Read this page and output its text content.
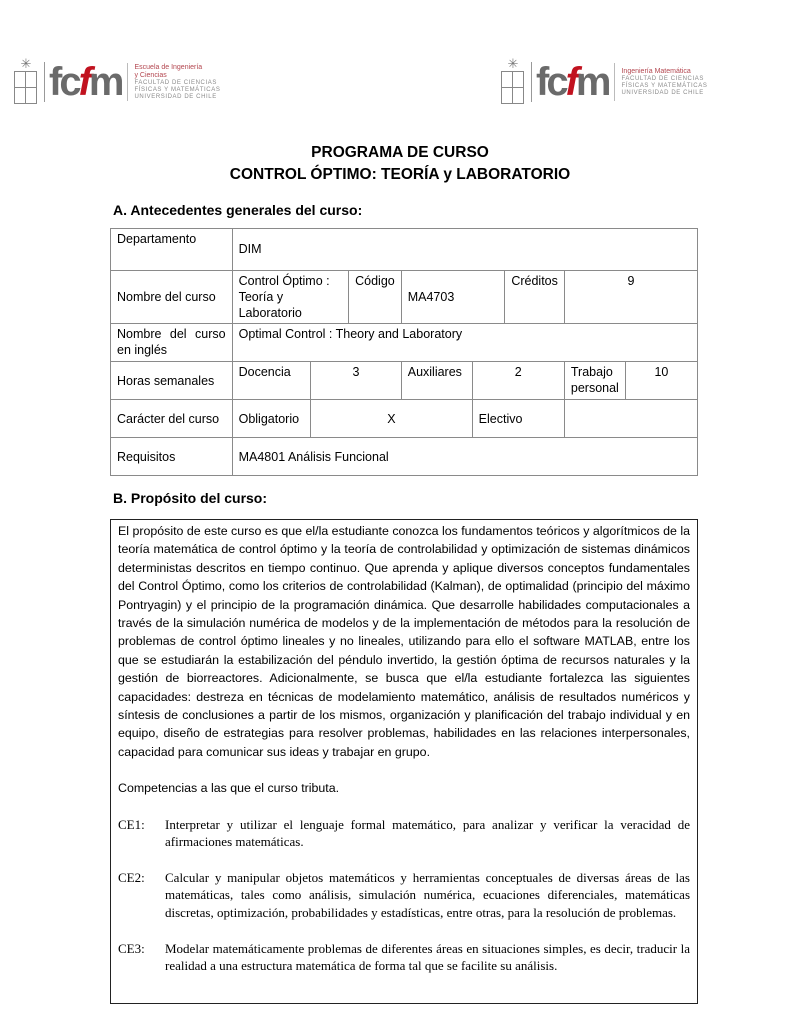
✳ fc f m Escuela de Ingeniería
y Ciencias
FACULTAD DE CIENCIAS
FÍSICAS Y MATEMÁTICAS
UNIVERSIDAD DE CHILE
✳ fc f m Ingeniería Matemática
FACULTAD DE CIENCIAS
FÍSICAS Y MATEMÁTICAS
UNIVERSIDAD DE CHILE
PROGRAMA DE CURSO
CONTROL ÓPTIMO: TEORÍA y LABORATORIO
A. Antecedentes generales del curso:
Departamento	DIM							
Nombre del curso	Control Óptimo :
Teoría y
Laboratorio		Código	MA4703		Créditos	9	

Nombre del curso
en inglés	Optimal Control : Theory and Laboratory							
Horas semanales	Docencia	3		Auxiliares	2		Trabajo
personal	10
Carácter del curso	Obligatorio	X			Electivo			
Requisitos	MA4801 Análisis Funcional							
B. Propósito del curso:

El propósito de este curso es que el/la estudiante conozca los fundamentos teóricos y algorítmicos de la teoría matemática de control óptimo y la teoría de controlabilidad y optimización de sistemas dinámicos deterministas descritos en tiempo continuo. Que aprenda y aplique diversos conceptos fundamentales del Control Óptimo, como los criterios de controlabilidad (Kalman), de optimalidad (principio del máximo Pontryagin) y el principio de la programación dinámica. Que desarrolle habilidades computacionales a través de la simulación numérica de modelos y de la implementación de métodos para la resolución de problemas de control óptimo lineales y no lineales, utilizando para ello el software MATLAB, entre los que se estudiarán la estabilización del péndulo invertido, la gestión óptima de recursos naturales y la gestión de biorreactores. Adicionalmente, se busca que el/la estudiante fortalezca las siguientes capacidades: destreza en técnicas de modelamiento matemático, análisis de resultados numéricos y síntesis de conclusiones a partir de los mismos, organización y planificación del trabajo individual y en equipo, diseño de estrategias para resolver problemas, habilidades en las relaciones interpersonales, capacidad para comunicar sus ideas y trabajar en grupo.

Competencias a las que el curso tributa.

CE1:	Interpretar y utilizar el lenguaje formal matemático, para analizar y verificar la veracidad de afirmaciones matemáticas.
CE2:	Calcular y manipular objetos matemáticos y herramientas conceptuales de diversas áreas de las matemáticas, tales como análisis, simulación numérica, ecuaciones diferenciales, matemáticas discretas, optimización, probabilidades y estadísticas, entre otras, para la resolución de problemas.
CE3:	Modelar matemáticamente problemas de diferentes áreas en situaciones simples, es decir, traducir la realidad a una estructura matemática de forma tal que se facilite su análisis.
